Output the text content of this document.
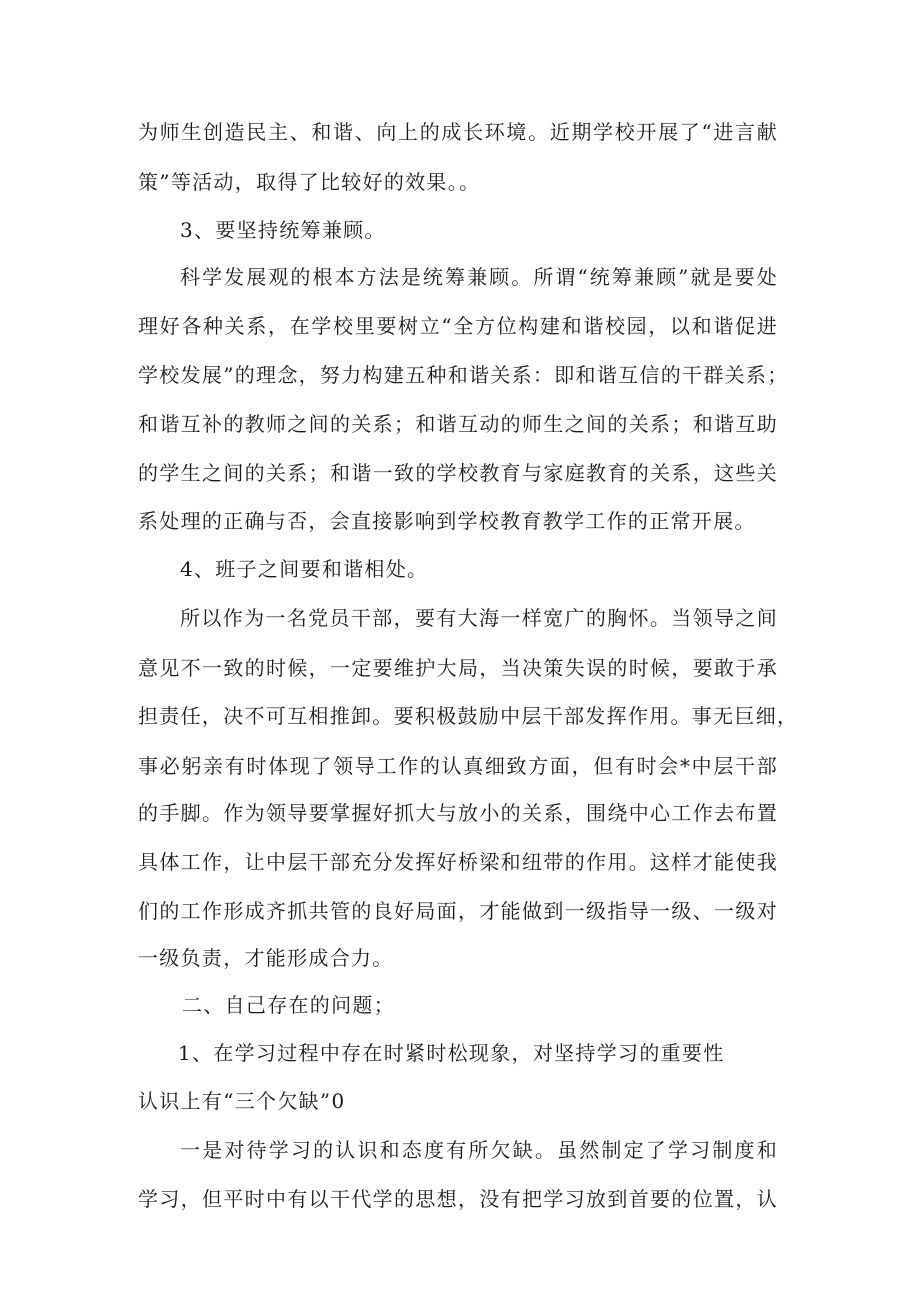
为师生创造民主、和谐、向上的成长环境。近期学校开展了“进言献

策”等活动，取得了比较好的效果。。

3、要坚持统筹兼顾。

科学发展观的根本方法是统筹兼顾。所谓“统筹兼顾”就是要处

理好各种关系，在学校里要树立“全方位构建和谐校园，以和谐促进

学校发展”的理念，努力构建五种和谐关系：即和谐互信的干群关系；

和谐互补的教师之间的关系；和谐互动的师生之间的关系；和谐互助

的学生之间的关系；和谐一致的学校教育与家庭教育的关系，这些关

系处理的正确与否，会直接影响到学校教育教学工作的正常开展。

4、班子之间要和谐相处。

所以作为一名党员干部，要有大海一样宽广的胸怀。当领导之间

意见不一致的时候，一定要维护大局，当决策失误的时候，要敢于承

担责任，决不可互相推卸。要积极鼓励中层干部发挥作用。事无巨细，

事必躬亲有时体现了领导工作的认真细致方面，但有时会*中层干部

的手脚。作为领导要掌握好抓大与放小的关系，围绕中心工作去布置

具体工作，让中层干部充分发挥好桥梁和纽带的作用。这样才能使我

们的工作形成齐抓共管的良好局面，才能做到一级指导一级、一级对

一级负责，才能形成合力。

二、自己存在的问题；

1、在学习过程中存在时紧时松现象，对坚持学习的重要性

认识上有“三个欠缺”0

一是对待学习的认识和态度有所欠缺。虽然制定了学习制度和

学习，但平时中有以干代学的思想，没有把学习放到首要的位置，认
